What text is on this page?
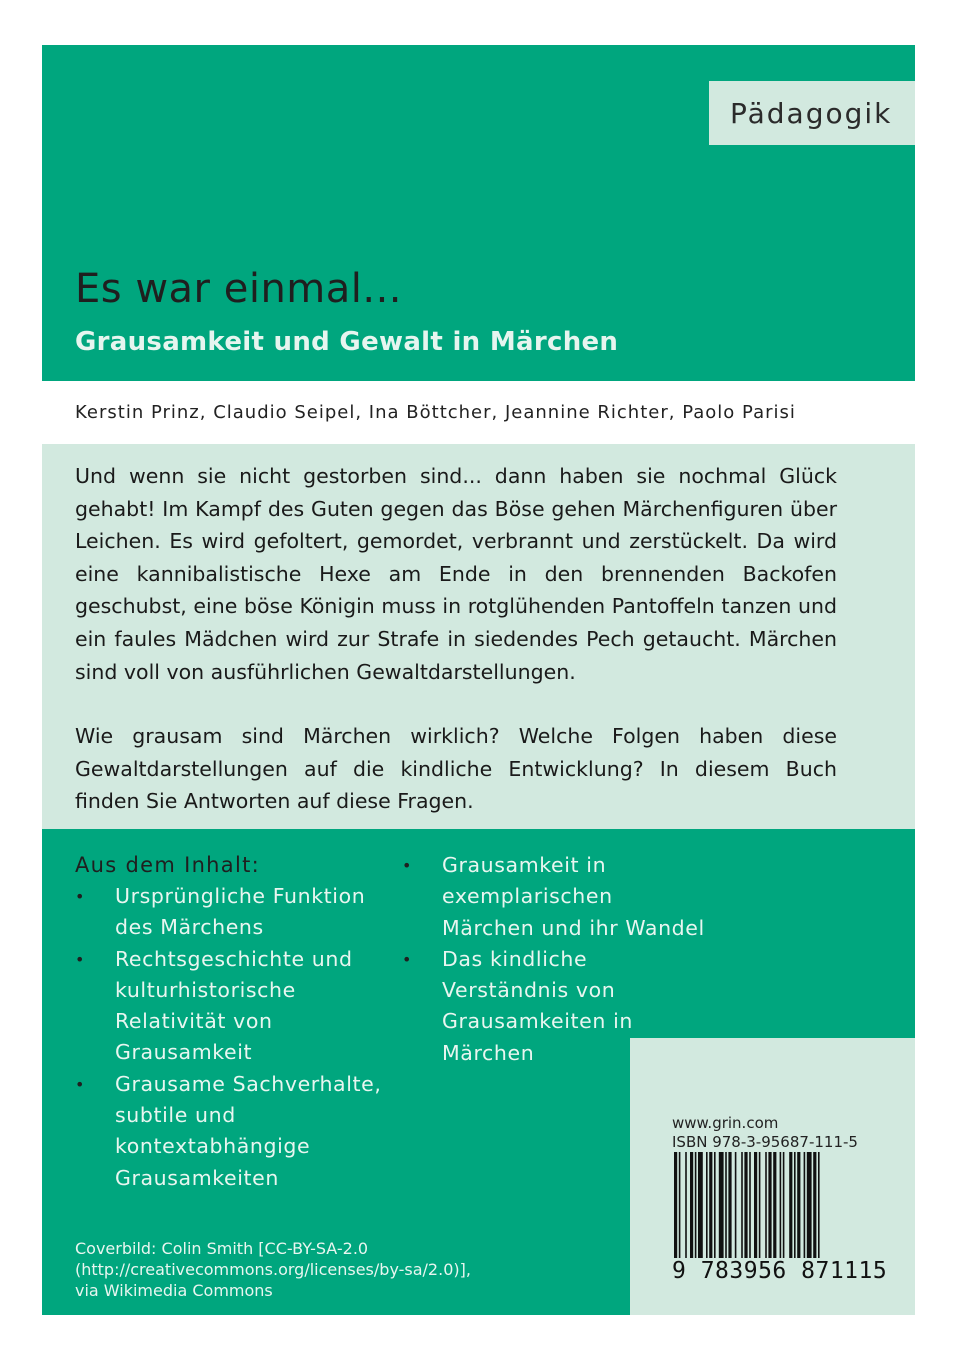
Pädagogik
Es war einmal...
Grausamkeit und Gewalt in Märchen
Kerstin Prinz, Claudio Seipel, Ina Böttcher, Jeannine Richter, Paolo Parisi

Und wenn sie nicht gestorben sind... dann haben sie nochmal Glück gehabt! Im Kampf des Guten gegen das Böse gehen Märchenfiguren über Leichen. Es wird gefoltert, gemordet, verbrannt und zerstückelt. Da wird eine kannibalistische Hexe am Ende in den brennenden Backofen geschubst, eine böse Königin muss in rotglühenden Pantoffeln tanzen und ein faules Mädchen wird zur Strafe in siedendes Pech getaucht. Märchen sind voll von ausführlichen Gewaltdarstellungen.

Wie grausam sind Märchen wirklich? Welche Folgen haben diese Gewaltdarstellungen auf die kindliche Entwicklung? In diesem Buch finden Sie Antworten auf diese Fragen.

Aus dem Inhalt:
• Ursprüngliche Funktion des Märchens
• Rechtsgeschichte und kulturhistorische Relativität von Grausamkeit
• Grausame Sachverhalte, subtile und kontextabhängige Grausamkeiten
• Grausamkeit in exemplarischen Märchen und ihr Wandel
• Das kindliche Verständnis von Grausamkeiten in Märchen
www.grin.com
ISBN 978-3-95687-111-5
9 783956 871115
Coverbild: Colin Smith [CC-BY-SA-2.0 (http://creativecommons.org/licenses/by-sa/2.0)], via Wikimedia Commons
